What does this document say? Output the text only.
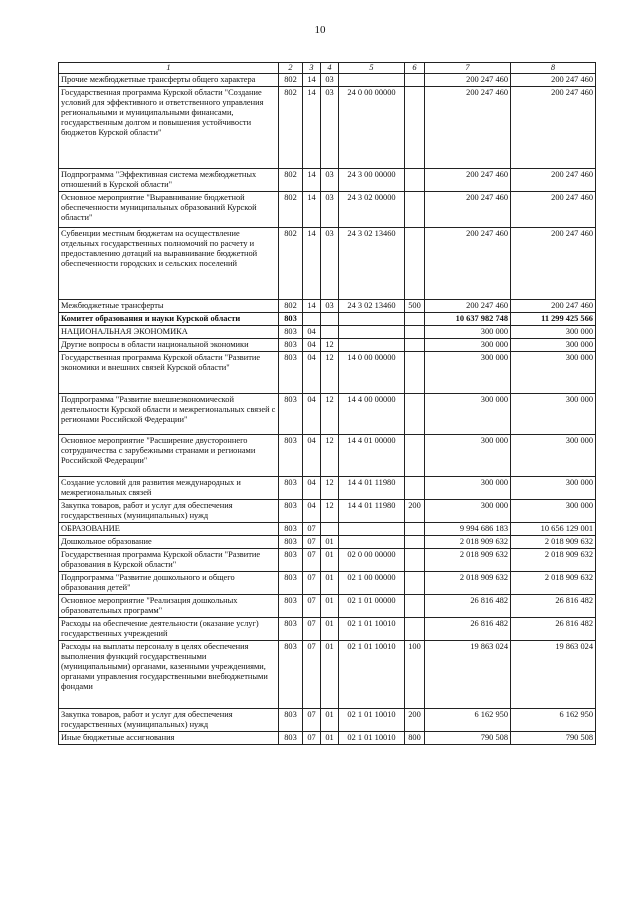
10
1	2	3	4	5	6	7	8
Прочие межбюджетные трансферты общего характера	802	14	03			200 247 460	200 247 460
Государственная программа Курской области "Создание условий для эффективного и ответственного управления региональными и муниципальными финансами, государственным долгом и повышения устойчивости бюджетов Курской области"	802	14	03	24 0 00 00000		200 247 460	200 247 460
Подпрограмма "Эффективная система межбюджетных отношений в Курской области"	802	14	03	24 3 00 00000		200 247 460	200 247 460
Основное мероприятие "Выравнивание бюджетной обеспеченности муниципальных образований Курской области"	802	14	03	24 3 02 00000		200 247 460	200 247 460
Субвенции местным бюджетам на осуществление отдельных государственных полномочий по расчету и предоставлению дотаций на выравнивание бюджетной обеспеченности городских и сельских поселений	802	14	03	24 3 02 13460		200 247 460	200 247 460
Межбюджетные трансферты	802	14	03	24 3 02 13460	500	200 247 460	200 247 460
Комитет образования и науки Курской области	803					10 637 982 748	11 299 425 566
НАЦИОНАЛЬНАЯ ЭКОНОМИКА	803	04				300 000	300 000
Другие вопросы в области национальной экономики	803	04	12			300 000	300 000
Государственная программа Курской области "Развитие экономики и внешних связей Курской области"	803	04	12	14 0 00 00000		300 000	300 000
Подпрограмма "Развитие внешнеэкономической деятельности Курской области и межрегиональных связей с регионами Российской Федерации"	803	04	12	14 4 00 00000		300 000	300 000
Основное мероприятие "Расширение двустороннего сотрудничества с зарубежными странами и регионами Российской Федерации"	803	04	12	14 4 01 00000		300 000	300 000
Создание условий для развития международных и межрегиональных связей	803	04	12	14 4 01 11980		300 000	300 000
Закупка товаров, работ и услуг для обеспечения государственных (муниципальных) нужд	803	04	12	14 4 01 11980	200	300 000	300 000
ОБРАЗОВАНИЕ	803	07				9 994 686 183	10 656 129 001
Дошкольное образование	803	07	01			2 018 909 632	2 018 909 632
Государственная программа Курской области "Развитие образования в Курской области"	803	07	01	02 0 00 00000		2 018 909 632	2 018 909 632
Подпрограмма "Развитие дошкольного и общего образования детей"	803	07	01	02 1 00 00000		2 018 909 632	2 018 909 632
Основное мероприятие "Реализация дошкольных образовательных программ"	803	07	01	02 1 01 00000		26 816 482	26 816 482
Расходы на обеспечение деятельности (оказание услуг) государственных учреждений	803	07	01	02 1 01 10010		26 816 482	26 816 482
Расходы на выплаты персоналу в целях обеспечения выполнения функций государственными (муниципальными) органами, казенными учреждениями, органами управления государственными внебюджетными фондами	803	07	01	02 1 01 10010	100	19 863 024	19 863 024
Закупка товаров, работ и услуг для обеспечения государственных (муниципальных) нужд	803	07	01	02 1 01 10010	200	6 162 950	6 162 950
Иные бюджетные ассигнования	803	07	01	02 1 01 10010	800	790 508	790 508
